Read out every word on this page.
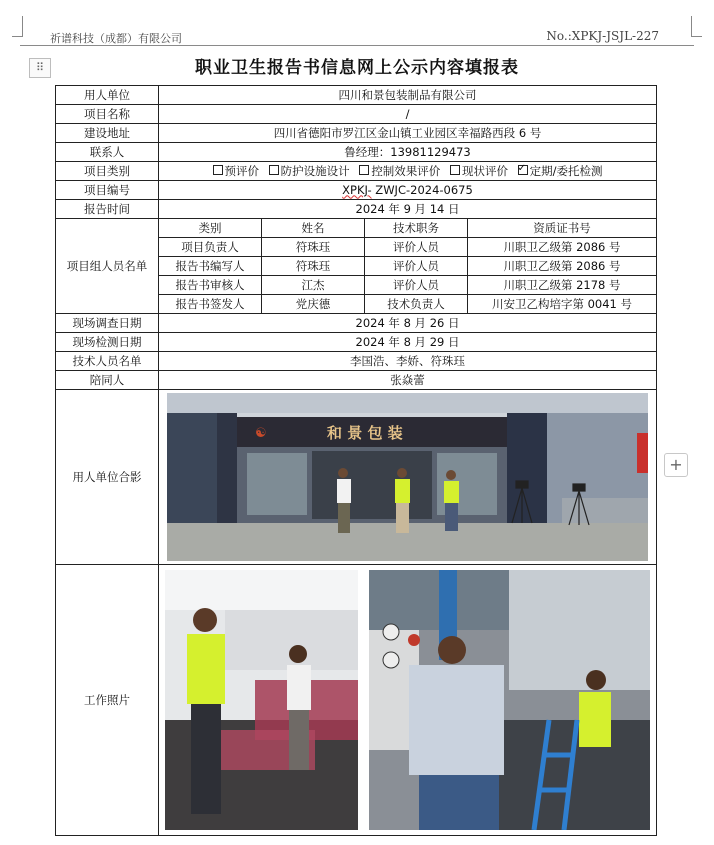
祈谱科技（成都）有限公司	No.:XPKJ-JSJL-227
⠿
+
职业卫生报告书信息网上公示内容填报表
用人单位	四川和景包装制品有限公司			
项目名称	/			
建设地址	四川省德阳市罗江区金山镇工业园区幸福路西段 6 号			
联系人	鲁经理：13981129473			
项目类别	预评价 防护设施设计 控制效果评价 现状评价 ✓ 定期/委托检测
项目编号	XPKJ- ZWJC-2024-0675			
报告时间	2024 年 9 月 14 日			
项目组人员名单	类别	姓名	技术职务	资质证书号
	项目负责人	符珠珏	评价人员	川职卫乙级第 2086 号
	报告书编写人	符珠珏	评价人员	川职卫乙级第 2086 号
	报告书审核人	江杰	评价人员	川职卫乙级第 2178 号
	报告书签发人	党庆德	技术负责人	川安卫乙构培字第 0041 号
现场调查日期	2024 年 8 月 26 日			
现场检测日期	2024 年 8 月 29 日			
技术人员名单	李国浩、李娇、符珠珏			
陪同人	张焱蕾			
用人单位合影	☯ 和 景 包 装			

工作照片	
